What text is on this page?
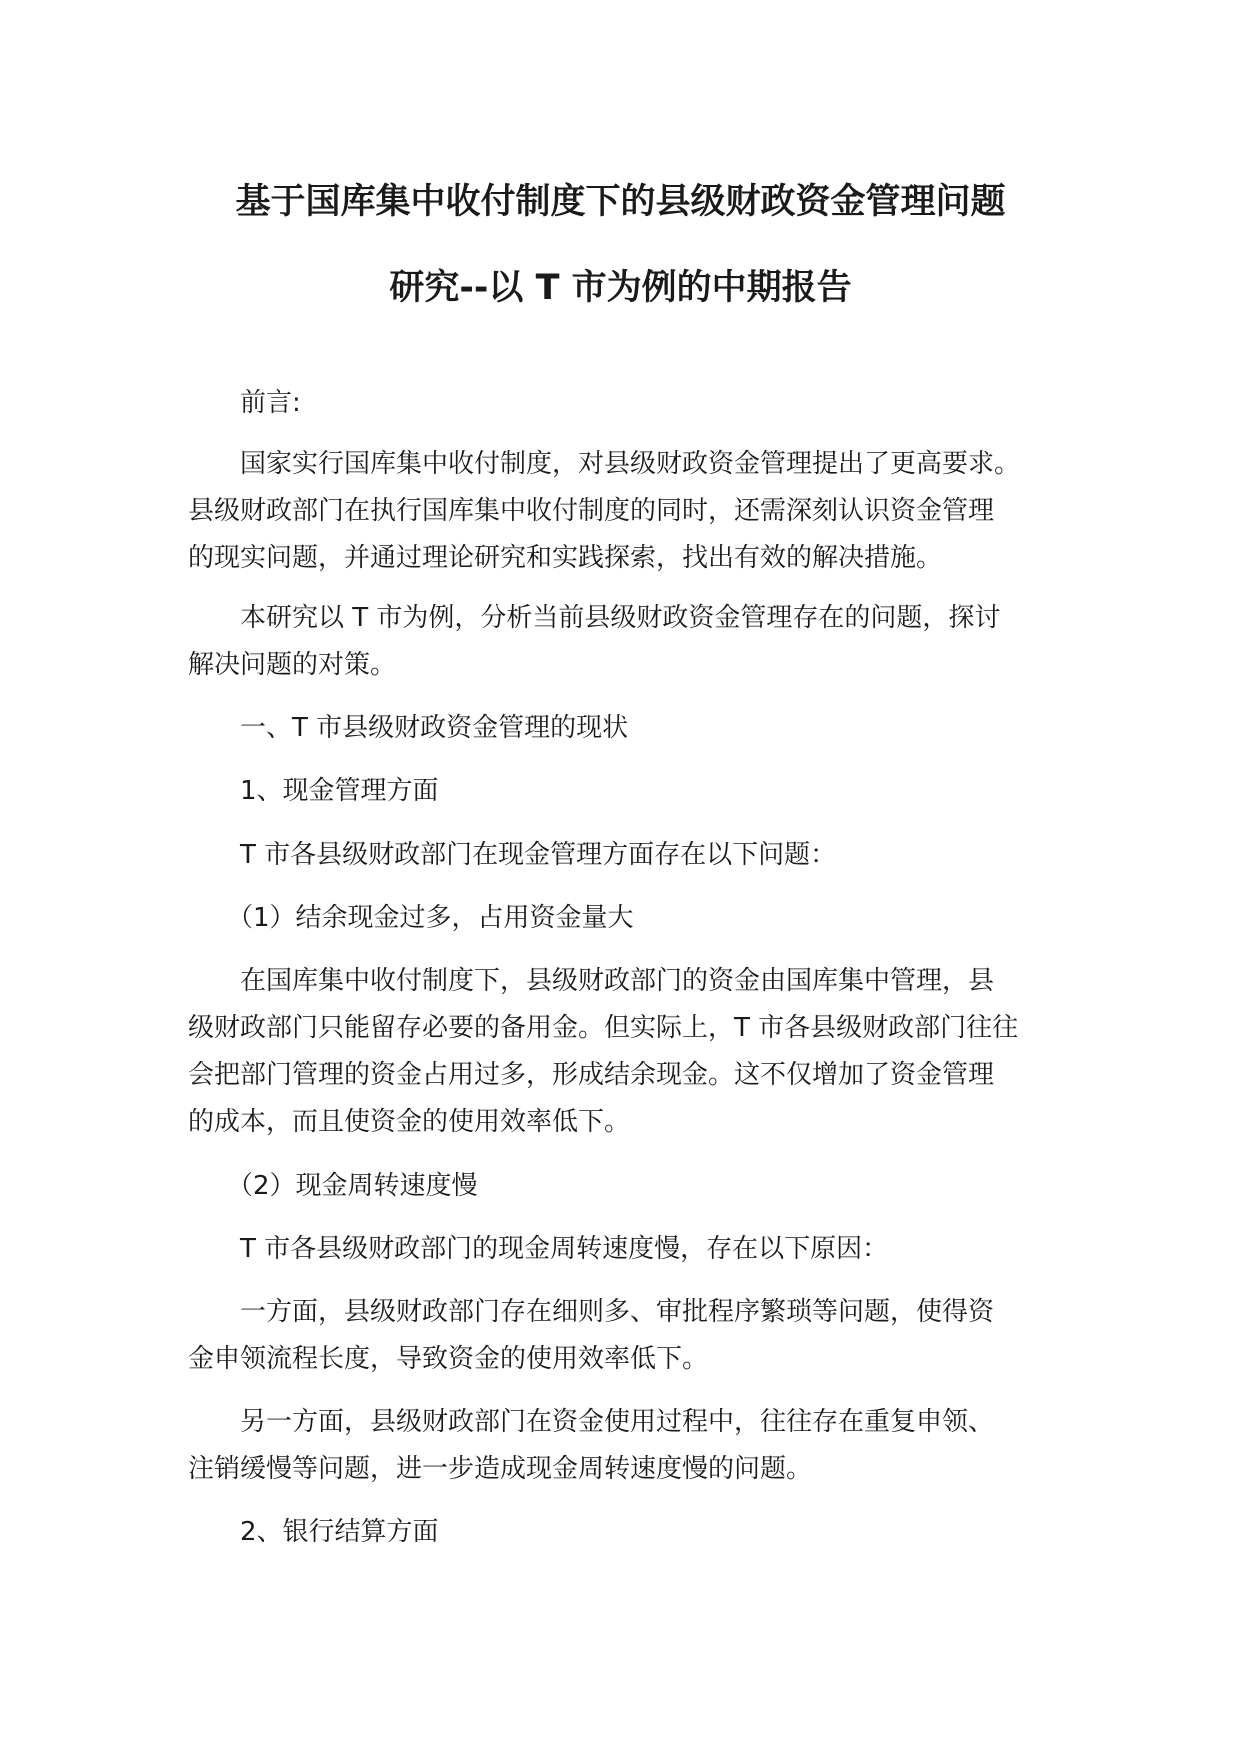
基于国库集中收付制度下的县级财政资金管理问题
研究--以 T 市为例的中期报告
　　前言:
　　国家实行国库集中收付制度，对县级财政资金管理提出了更高要求。
县级财政部门在执行国库集中收付制度的同时，还需深刻认识资金管理
的现实问题，并通过理论研究和实践探索，找出有效的解决措施。
　　本研究以 T 市为例，分析当前县级财政资金管理存在的问题，探讨
解决问题的对策。
　　一、T 市县级财政资金管理的现状
　　1、现金管理方面
　　T 市各县级财政部门在现金管理方面存在以下问题：
　　（1）结余现金过多，占用资金量大
　　在国库集中收付制度下，县级财政部门的资金由国库集中管理，县
级财政部门只能留存必要的备用金。但实际上，T 市各县级财政部门往往
会把部门管理的资金占用过多，形成结余现金。这不仅增加了资金管理
的成本，而且使资金的使用效率低下。
　　（2）现金周转速度慢
　　T 市各县级财政部门的现金周转速度慢，存在以下原因：
　　一方面，县级财政部门存在细则多、审批程序繁琐等问题，使得资
金申领流程长度，导致资金的使用效率低下。
　　另一方面，县级财政部门在资金使用过程中，往往存在重复申领、
注销缓慢等问题，进一步造成现金周转速度慢的问题。
　　2、银行结算方面
